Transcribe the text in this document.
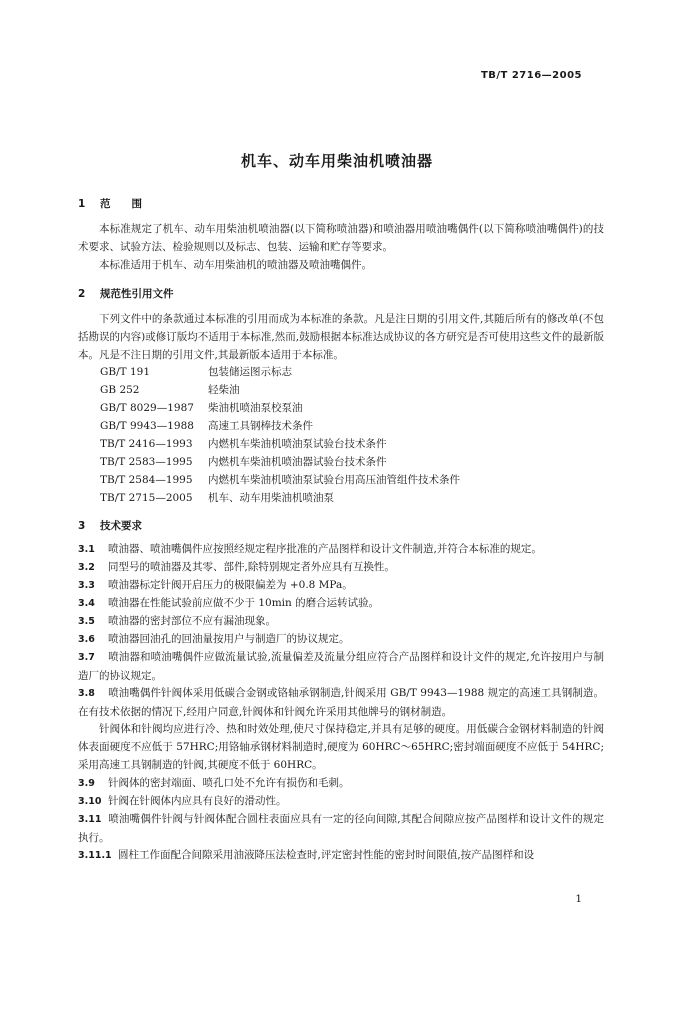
TB/T 2716—2005
机车、动车用柴油机喷油器
1 范　　围
本标准规定了机车、动车用柴油机喷油器(以下简称喷油器)和喷油器用喷油嘴偶件(以下简称喷油嘴偶件)的技术要求、试验方法、检验规则以及标志、包装、运输和贮存等要求。
本标准适用于机车、动车用柴油机的喷油器及喷油嘴偶件。
2 规范性引用文件
下列文件中的条款通过本标准的引用而成为本标准的条款。凡是注日期的引用文件,其随后所有的修改单(不包括勘误的内容)或修订版均不适用于本标准,然而,鼓励根据本标准达成协议的各方研究是否可使用这些文件的最新版本。凡是不注日期的引用文件,其最新版本适用于本标准。
GB/T 191	包装储运图示标志
GB 252	轻柴油
GB/T 8029—1987 柴油机喷油泵校泵油
GB/T 9943—1988 高速工具钢棒技术条件
TB/T 2416—1993 内燃机车柴油机喷油泵试验台技术条件
TB/T 2583—1995 内燃机车柴油机喷油器试验台技术条件
TB/T 2584—1995 内燃机车柴油机喷油泵试验台用高压油管组件技术条件
TB/T 2715—2005 机车、动车用柴油机喷油泵
3 技术要求
3.1 喷油器、喷油嘴偶件应按照经规定程序批准的产品图样和设计文件制造,并符合本标准的规定。
3.2 同型号的喷油器及其零、部件,除特别规定者外应具有互换性。
3.3 喷油器标定针阀开启压力的极限偏差为 +0.8 MPa。
3.4 喷油器在性能试验前应做不少于 10min 的磨合运转试验。
3.5 喷油器的密封部位不应有漏油现象。
3.6 喷油器回油孔的回油量按用户与制造厂的协议规定。
3.7 喷油器和喷油嘴偶件应做流量试验,流量偏差及流量分组应符合产品图样和设计文件的规定,允许按用户与制造厂的协议规定。
3.8 喷油嘴偶件针阀体采用低碳合金钢或铬轴承钢制造,针阀采用 GB/T 9943—1988 规定的高速工具钢制造。在有技术依据的情况下,经用户同意,针阀体和针阀允许采用其他牌号的钢材制造。
针阀体和针阀均应进行冷、热和时效处理,使尺寸保持稳定,并具有足够的硬度。用低碳合金钢材料制造的针阀体表面硬度不应低于 57HRC;用铬轴承钢材料制造时,硬度为 60HRC～65HRC;密封端面硬度不应低于 54HRC;采用高速工具钢制造的针阀,其硬度不低于 60HRC。
3.9 针阀体的密封端面、喷孔口处不允许有损伤和毛刺。
3.10 针阀在针阀体内应具有良好的滑动性。
3.11 喷油嘴偶件针阀与针阀体配合圆柱表面应具有一定的径向间隙,其配合间隙应按产品图样和设计文件的规定执行。
3.11.1 圆柱工作面配合间隙采用油液降压法检查时,评定密封性能的密封时间限值,按产品图样和设
1
